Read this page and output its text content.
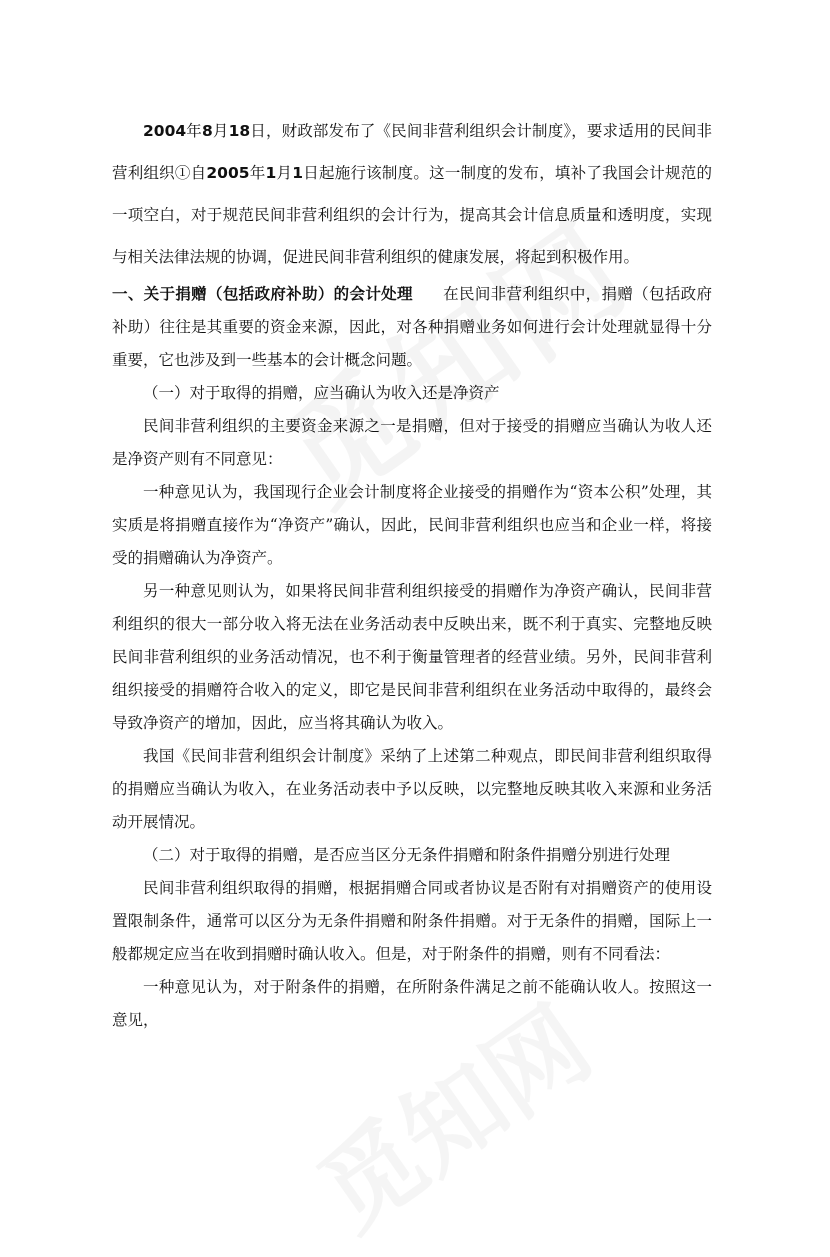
2004年8月18日，财政部发布了《民间非营利组织会计制度》，要求适用的民间非营利组织①自2005年1月1日起施行该制度。这一制度的发布，填补了我国会计规范的一项空白，对于规范民间非营利组织的会计行为，提高其会计信息质量和透明度，实现与相关法律法规的协调，促进民间非营利组织的健康发展，将起到积极作用。

一、关于捐赠（包括政府补助）的会计处理 在民间非营利组织中，捐赠（包括政府补助）往往是其重要的资金来源，因此，对各种捐赠业务如何进行会计处理就显得十分重要，它也涉及到一些基本的会计概念问题。

（一）对于取得的捐赠，应当确认为收入还是净资产

民间非营利组织的主要资金来源之一是捐赠，但对于接受的捐赠应当确认为收人还是净资产则有不同意见：

一种意见认为，我国现行企业会计制度将企业接受的捐赠作为“资本公积”处理，其实质是将捐赠直接作为“净资产”确认，因此，民间非营利组织也应当和企业一样，将接受的捐赠确认为净资产。

另一种意见则认为，如果将民间非营利组织接受的捐赠作为净资产确认，民间非营利组织的很大一部分收入将无法在业务活动表中反映出来，既不利于真实、完整地反映民间非营利组织的业务活动情况，也不利于衡量管理者的经营业绩。另外，民间非营利组织接受的捐赠符合收入的定义，即它是民间非营利组织在业务活动中取得的，最终会导致净资产的增加，因此，应当将其确认为收入。

我国《民间非营利组织会计制度》采纳了上述第二种观点，即民间非营利组织取得的捐赠应当确认为收入，在业务活动表中予以反映，以完整地反映其收入来源和业务活动开展情况。

（二）对于取得的捐赠，是否应当区分无条件捐赠和附条件捐赠分别进行处理

民间非营利组织取得的捐赠，根据捐赠合同或者协议是否附有对捐赠资产的使用设置限制条件，通常可以区分为无条件捐赠和附条件捐赠。对于无条件的捐赠，国际上一般都规定应当在收到捐赠时确认收入。但是，对于附条件的捐赠，则有不同看法：

一种意见认为，对于附条件的捐赠，在所附条件满足之前不能确认收人。按照这一意见，
